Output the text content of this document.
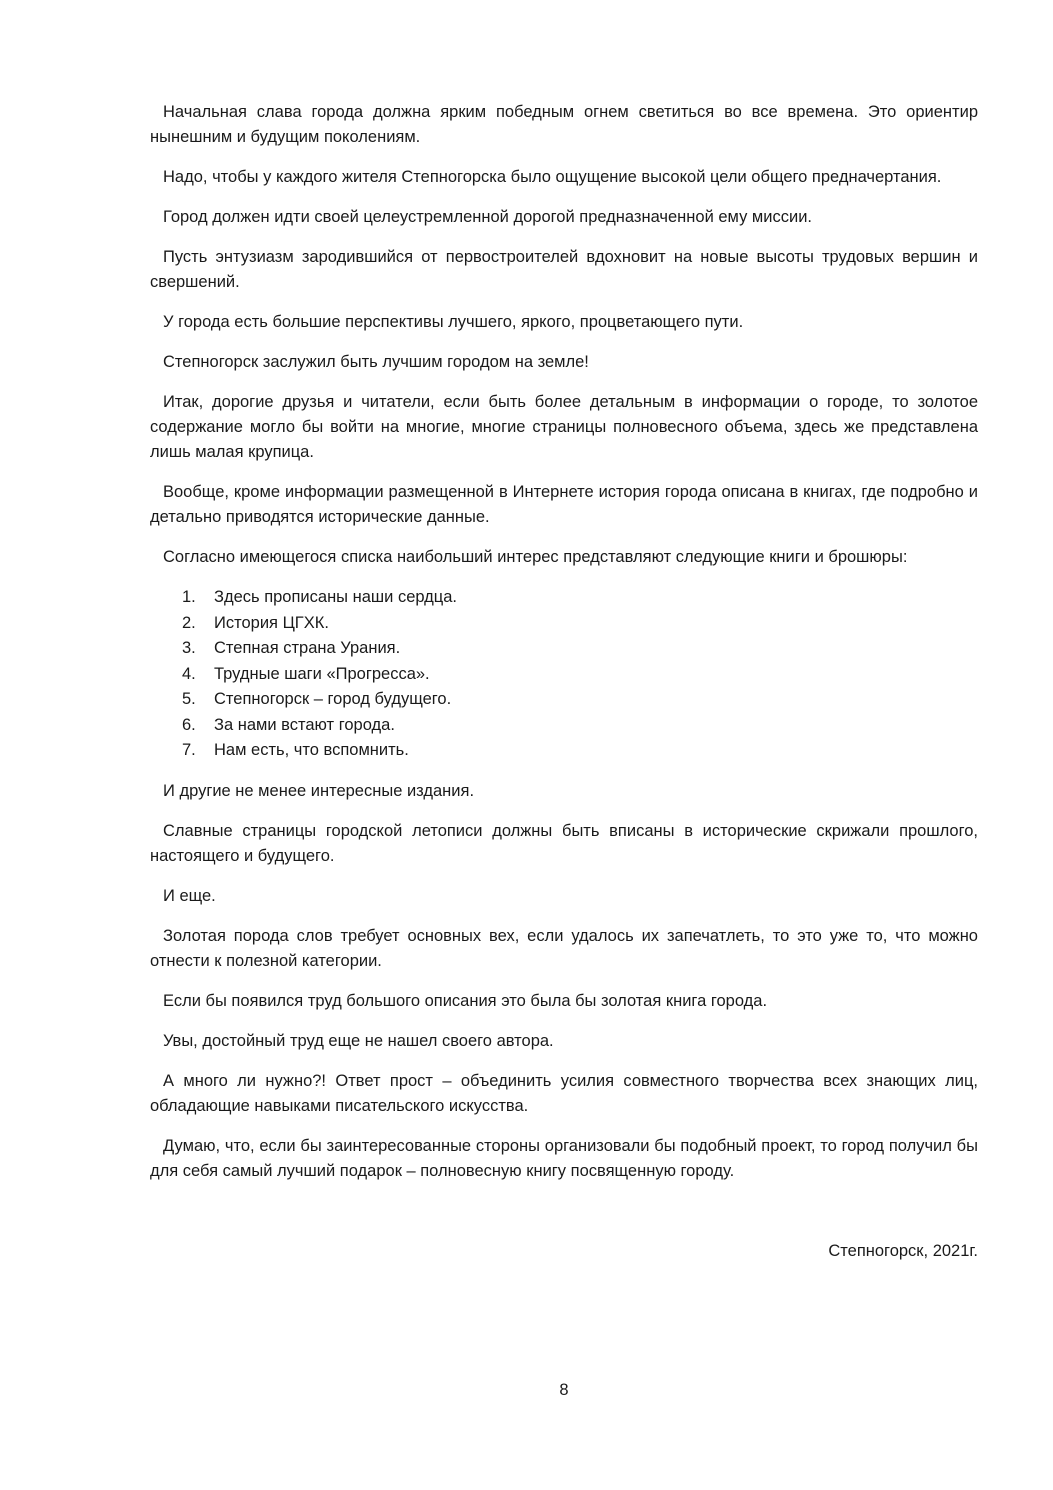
Начальная слава города должна ярким победным огнем светиться во все времена. Это ориентир нынешним и будущим поколениям.

Надо, чтобы у каждого жителя Степногорска было ощущение высокой цели общего предначертания.

Город должен идти своей целеустремленной дорогой предназначенной ему миссии.

Пусть энтузиазм зародившийся от первостроителей вдохновит на новые высоты трудовых вершин и свершений.

У города есть большие перспективы лучшего, яркого, процветающего пути.

Степногорск заслужил быть лучшим городом на земле!

Итак, дорогие друзья и читатели, если быть более детальным в информации о городе, то золотое содержание могло бы войти на многие, многие страницы полновесного объема, здесь же представлена лишь малая крупица.

Вообще, кроме информации размещенной в Интернете история города описана в книгах, где подробно и детально приводятся исторические данные.

Согласно имеющегося списка наибольший интерес представляют следующие книги и брошюры:

1.	Здесь прописаны наши сердца.
2.	История ЦГХК.
3.	Степная страна Урания.
4.	Трудные шаги «Прогресса».
5.	Степногорск – город будущего.
6.	За нами встают города.
7.	Нам есть, что вспомнить.

И другие не менее интересные издания.

Славные страницы городской летописи должны быть вписаны в исторические скрижали прошлого, настоящего и будущего.

И еще.

Золотая порода слов требует основных вех, если удалось их запечатлеть, то это уже то, что можно отнести к полезной категории.

Если бы появился труд большого описания это была бы золотая книга города.

Увы, достойный труд еще не нашел своего автора.

А много ли нужно?! Ответ прост – объединить усилия совместного творчества всех знающих лиц, обладающие навыками писательского искусства.

Думаю, что, если бы заинтересованные стороны организовали бы подобный проект, то город получил бы для себя самый лучший подарок – полновесную книгу посвященную городу.

Степногорск, 2021г.
8
